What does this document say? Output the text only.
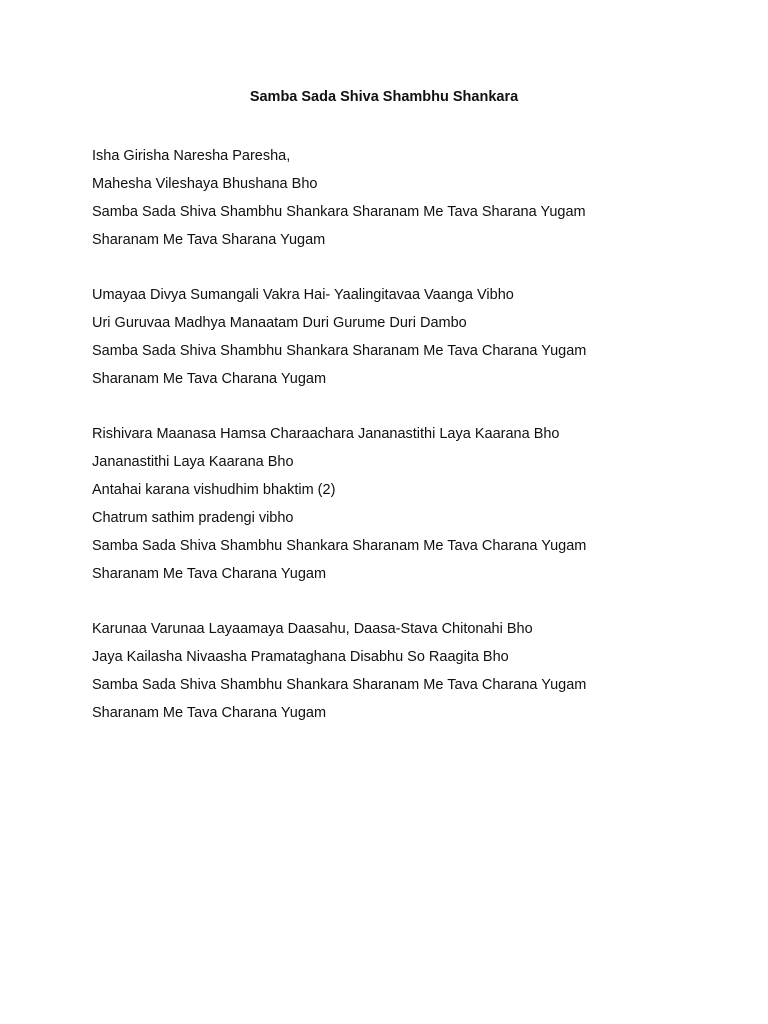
Samba Sada Shiva Shambhu Shankara
Isha Girisha Naresha Paresha,
Mahesha Vileshaya Bhushana Bho
Samba Sada Shiva Shambhu Shankara Sharanam Me Tava Sharana Yugam
Sharanam Me Tava Sharana Yugam
Umayaa Divya Sumangali Vakra Hai- Yaalingitavaa Vaanga Vibho
Uri Guruvaa Madhya Manaatam Duri Gurume Duri Dambo
Samba Sada Shiva Shambhu Shankara Sharanam Me Tava Charana Yugam
Sharanam Me Tava Charana Yugam
Rishivara Maanasa Hamsa Charaachara Jananastithi Laya Kaarana Bho
Jananastithi Laya Kaarana Bho
Antahai karana vishudhim bhaktim (2)
Chatrum sathim pradengi vibho
Samba Sada Shiva Shambhu Shankara Sharanam Me Tava Charana Yugam
Sharanam Me Tava Charana Yugam
Karunaa Varunaa Layaamaya Daasahu, Daasa-Stava Chitonahi Bho
Jaya Kailasha Nivaasha Pramataghana Disabhu So Raagita Bho
Samba Sada Shiva Shambhu Shankara Sharanam Me Tava Charana Yugam
Sharanam Me Tava Charana Yugam
